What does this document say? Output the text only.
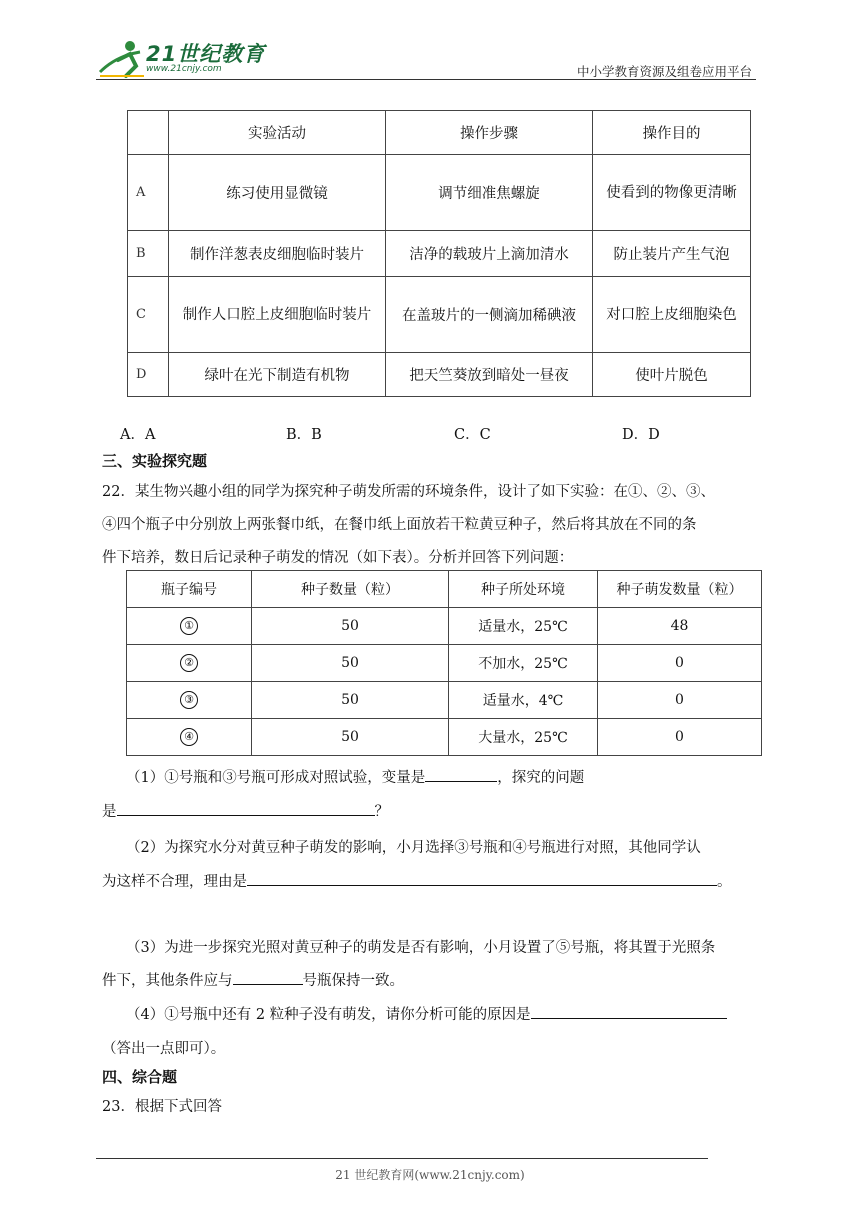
21世纪教育
www.21cnjy.com	中小学教育资源及组卷应用平台
	实验活动	操作步骤	操作目的
A	练习使用显微镜	调节细准焦螺旋	使看到的物像更清晰
B	制作洋葱表皮细胞临时装片	洁净的载玻片上滴加清水	防止装片产生气泡
C	制作人口腔上皮细胞临时装片	在盖玻片的一侧滴加稀碘液	对口腔上皮细胞染色
D	绿叶在光下制造有机物	把天竺葵放到暗处一昼夜	使叶片脱色
A．A	B．B	C．C	D．D
三、实验探究题
22．某生物兴趣小组的同学为探究种子萌发所需的环境条件，设计了如下实验：在①、②、③、
④四个瓶子中分别放上两张餐巾纸，在餐巾纸上面放若干粒黄豆种子，然后将其放在不同的条
件下培养，数日后记录种子萌发的情况（如下表）。分析并回答下列问题：
瓶子编号	种子数量（粒）	种子所处环境	种子萌发数量（粒）
①	50	适量水，25℃	48
②	50	不加水，25℃	0
③	50	适量水，4℃	0
④	50	大量水，25℃	0
（1）①号瓶和③号瓶可形成对照试验，变量是	，探究的问题
是	？
（2）为探究水分对黄豆种子萌发的影响，小月选择③号瓶和④号瓶进行对照，其他同学认
为这样不合理，理由是	。
（3）为进一步探究光照对黄豆种子的萌发是否有影响，小月设置了⑤号瓶，将其置于光照条
件下，其他条件应与	号瓶保持一致。
（4）①号瓶中还有 2 粒种子没有萌发，请你分析可能的原因是
（答出一点即可）。
四、综合题
23．根据下式回答
21 世纪教育网(www.21cnjy.com)
